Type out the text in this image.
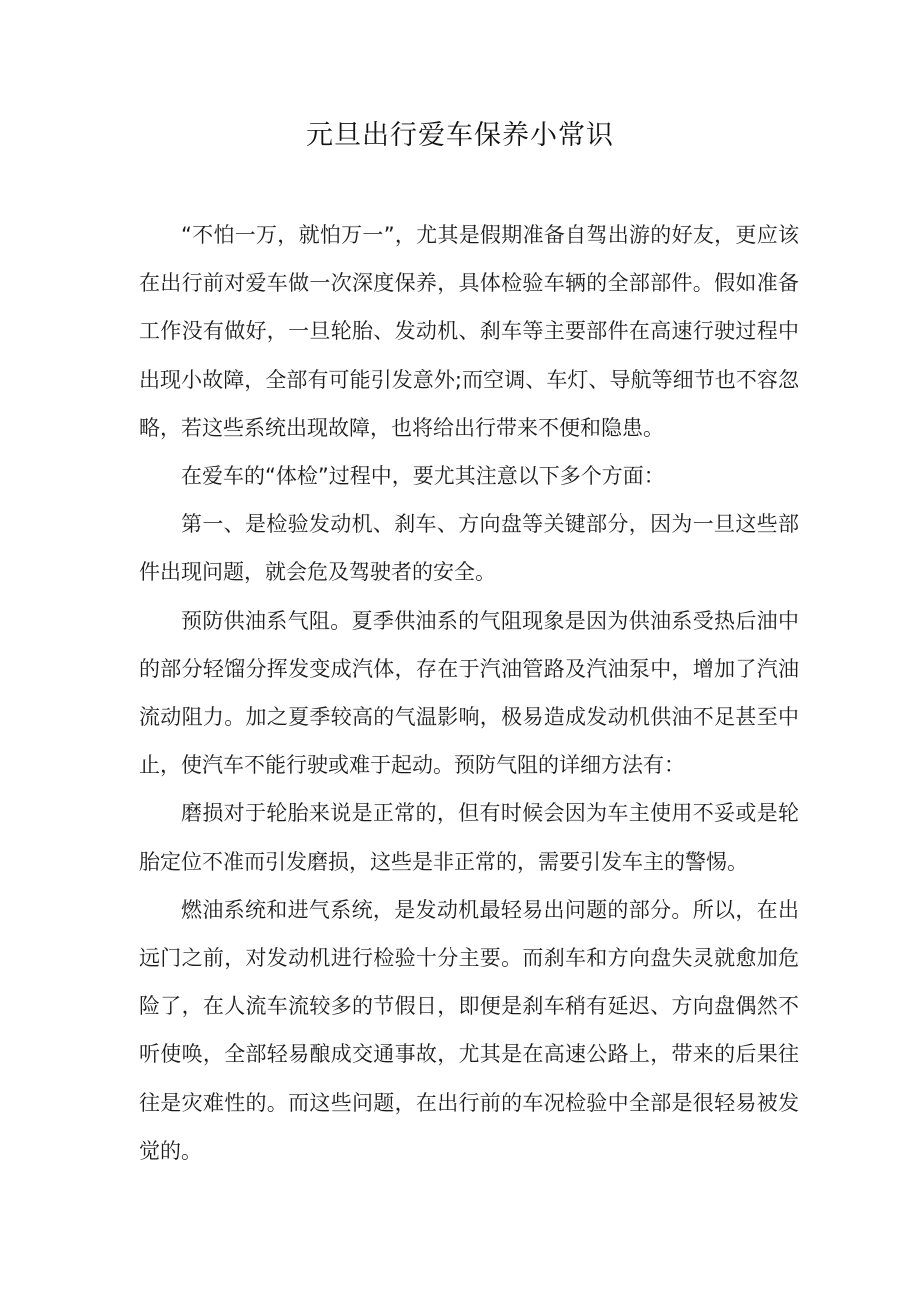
元旦出行爱车保养小常识

“不怕一万，就怕万一”，尤其是假期准备自驾出游的好友，更应该在出行前对爱车做一次深度保养，具体检验车辆的全部部件。假如准备工作没有做好，一旦轮胎、发动机、刹车等主要部件在高速行驶过程中出现小故障，全部有可能引发意外;而空调、车灯、导航等细节也不容忽略，若这些系统出现故障，也将给出行带来不便和隐患。

在爱车的“体检”过程中，要尤其注意以下多个方面：

第一、是检验发动机、刹车、方向盘等关键部分，因为一旦这些部件出现问题，就会危及驾驶者的安全。

预防供油系气阻。夏季供油系的气阻现象是因为供油系受热后油中的部分轻馏分挥发变成汽体，存在于汽油管路及汽油泵中，增加了汽油流动阻力。加之夏季较高的气温影响，极易造成发动机供油不足甚至中止，使汽车不能行驶或难于起动。预防气阻的详细方法有：

磨损对于轮胎来说是正常的，但有时候会因为车主使用不妥或是轮胎定位不准而引发磨损，这些是非正常的，需要引发车主的警惕。

燃油系统和进气系统，是发动机最轻易出问题的部分。所以，在出远门之前，对发动机进行检验十分主要。而刹车和方向盘失灵就愈加危险了，在人流车流较多的节假日，即便是刹车稍有延迟、方向盘偶然不听使唤，全部轻易酿成交通事故，尤其是在高速公路上，带来的后果往往是灾难性的。而这些问题，在出行前的车况检验中全部是很轻易被发觉的。
